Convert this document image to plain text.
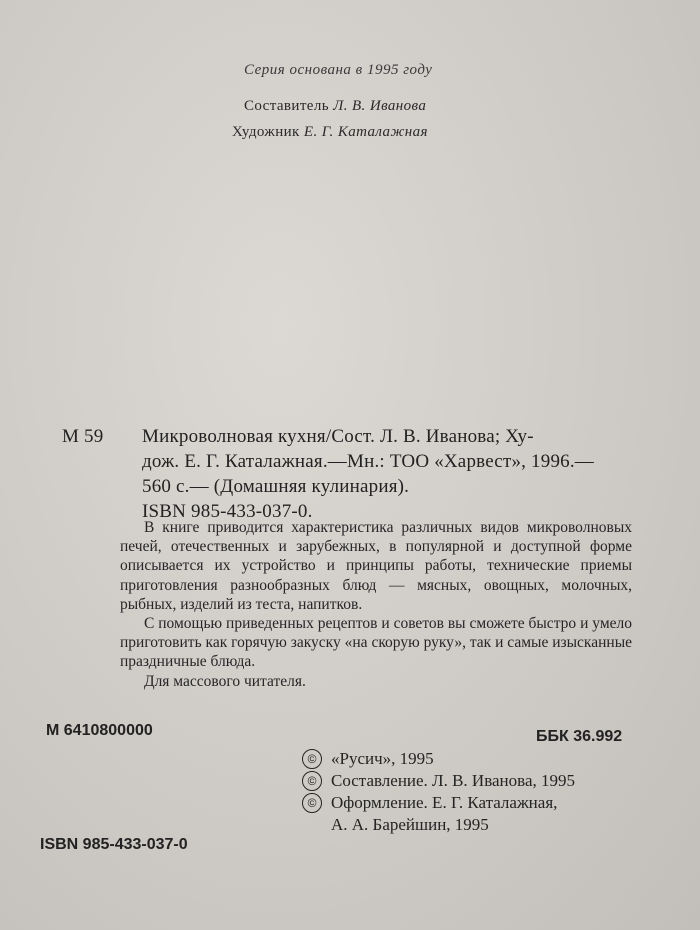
Серия основана в 1995 году
Составитель Л. В. Иванова
Художник Е. Г. Каталажная
М 59 Микроволновая кухня/Сост. Л. В. Иванова; Ху-
дож. Е. Г. Каталажная.—Мн.: ТОО «Харвест», 1996.—
560 с.— (Домашняя кулинария).
ISBN 985-433-037-0.

В книге приводится характеристика различных видов микроволновых печей, отечественных и зарубежных, в популярной и доступной форме описывается их устройство и принципы работы, технические приемы приготовления разнообразных блюд — мясных, овощных, молочных, рыбных, изделий из теста, напитков.

С помощью приведенных рецептов и советов вы сможете быстро и умело приготовить как горячую закуску «на скорую руку», так и самые изысканные праздничные блюда.

Для массового читателя.

М 6410800000	ББК 36.992
© «Русич», 1995
© Составление. Л. В. Иванова, 1995
© Оформление. Е. Г. Каталажная,
А. А. Барейшин, 1995
ISBN 985-433-037-0
